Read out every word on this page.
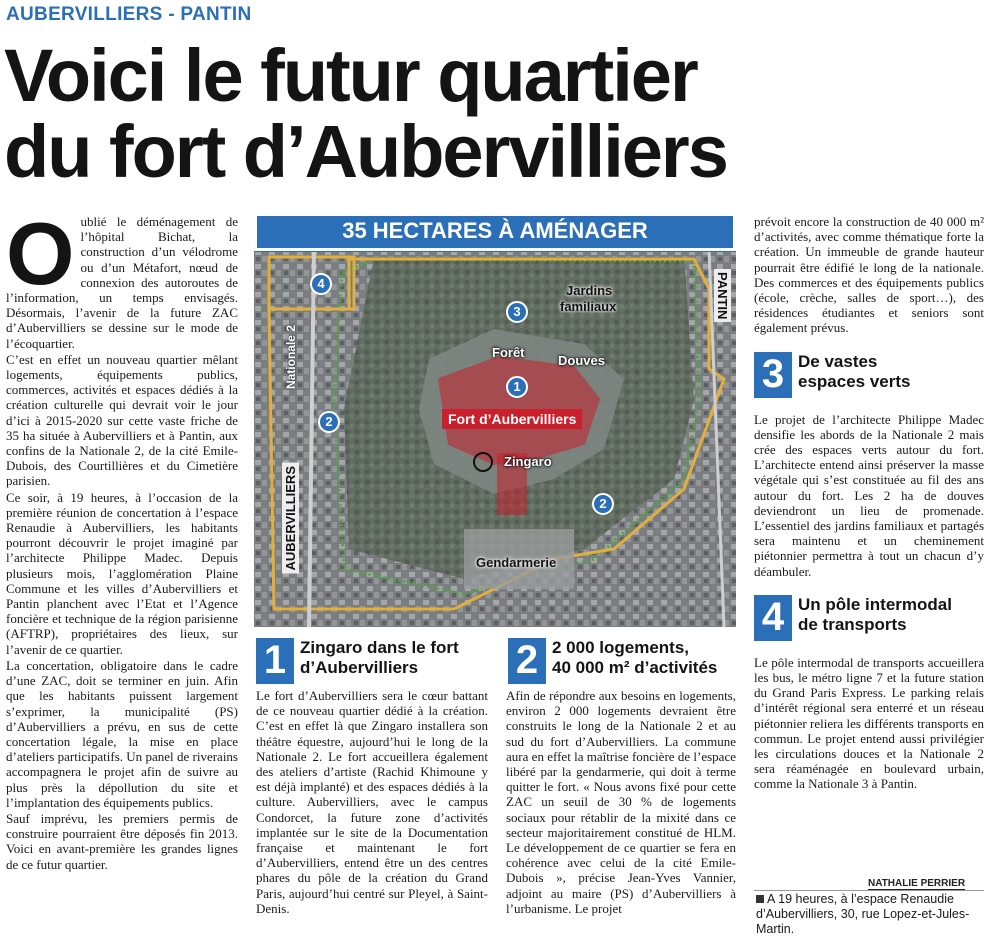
AUBERVILLIERS - PANTIN
Voici le futur quartier
du fort d’Aubervilliers
O ublié le déménagement de l’hôpital Bichat, la construction d’un vélodrome ou d’un Métafort, nœud de connexion des autoroutes de l’information, un temps envisagés. Désormais, l’avenir de la future ZAC d’Aubervilliers se dessine sur le mode de l’écoquartier.

C’est en effet un nouveau quartier mêlant logements, équipements publics, commerces, activités et espaces dédiés à la création culturelle qui devrait voir le jour d’ici à 2015-2020 sur cette vaste friche de 35 ha située à Aubervilliers et à Pantin, aux confins de la Nationale 2, de la cité Emile-Dubois, des Courtillières et du Cimetière parisien.

Ce soir, à 19 heures, à l’occasion de la première réunion de concertation à l’espace Renaudie à Aubervilliers, les habitants pourront découvrir le projet imaginé par l’architecte Philippe Madec. Depuis plusieurs mois, l’agglomération Plaine Commune et les villes d’Aubervilliers et Pantin planchent avec l’Etat et l’Agence foncière et technique de la région parisienne (AFTRP), propriétaires des lieux, sur l’avenir de ce quartier.

La concertation, obligatoire dans le cadre d’une ZAC, doit se terminer en juin. Afin que les habitants puissent largement s’exprimer, la municipalité (PS) d’Aubervilliers a prévu, en sus de cette concertation légale, la mise en place d’ateliers participatifs. Un panel de riverains accompagnera le projet afin de suivre au plus près la dépollution du site et l’implantation des équipements publics.

Sauf imprévu, les premiers permis de construire pourraient être déposés fin 2013. Voici en avant-première les grandes lignes de ce futur quartier.

35 HECTARES À AMÉNAGER
4
3
1
2
2
Jardins
familiaux
Forêt
Douves
Fort d’Aubervilliers
Zingaro
Gendarmerie
Nationale 2
AUBERVILLIERS
PANTIN
1 Zingaro dans le fort
d’Aubervilliers
Le fort d’Aubervilliers sera le cœur battant de ce nouveau quartier dédié à la création. C’est en effet là que Zingaro installera son théâtre équestre, aujourd’hui le long de la Nationale 2. Le fort accueillera également des ateliers d’artiste (Rachid Khimoune y est déjà implanté) et des espaces dédiés à la culture. Aubervilliers, avec le campus Condorcet, la future zone d’activités implantée sur le site de la Documentation française et maintenant le fort d’Aubervilliers, entend être un des centres phares du pôle de la création du Grand Paris, aujourd’hui centré sur Pleyel, à Saint-Denis.
2 2 000 logements,
40 000 m² d’activités
Afin de répondre aux besoins en logements, environ 2 000 logements devraient être construits le long de la Nationale 2 et au sud du fort d’Aubervilliers. La commune aura en effet la maîtrise foncière de l’espace libéré par la gendarmerie, qui doit à terme quitter le fort. « Nous avons fixé pour cette ZAC un seuil de 30 % de logements sociaux pour rétablir de la mixité dans ce secteur majoritairement constitué de HLM. Le développement de ce quartier se fera en cohérence avec celui de la cité Emile-Dubois », précise Jean-Yves Vannier, adjoint au maire (PS) d’Aubervilliers à l’urbanisme. Le projet

prévoit encore la construction de 40 000 m² d’activités, avec comme thématique forte la création. Un immeuble de grande hauteur pourrait être édifié le long de la nationale. Des commerces et des équipements publics (école, crèche, salles de sport…), des résidences étudiantes et seniors sont également prévus.

3 De vastes
espaces verts

Le projet de l’architecte Philippe Madec densifie les abords de la Nationale 2 mais crée des espaces verts autour du fort. L’architecte entend ainsi préserver la masse végétale qui s’est constituée au fil des ans autour du fort. Les 2 ha de douves deviendront un lieu de promenade. L’essentiel des jardins familiaux et partagés sera maintenu et un cheminement piétonnier permettra à tout un chacun d’y déambuler.

4 Un pôle intermodal
de transports

Le pôle intermodal de transports accueillera les bus, le métro ligne 7 et la future station du Grand Paris Express. Le parking relais d’intérêt régional sera enterré et un réseau piétonnier reliera les différents transports en commun. Le projet entend aussi privilégier les circulations douces et la Nationale 2 sera réaménagée en boulevard urbain, comme la Nationale 3 à Pantin.

NATHALIE PERRIER
A 19 heures, à l’espace Renaudie d’Aubervilliers, 30, rue Lopez-et-Jules-Martin.
